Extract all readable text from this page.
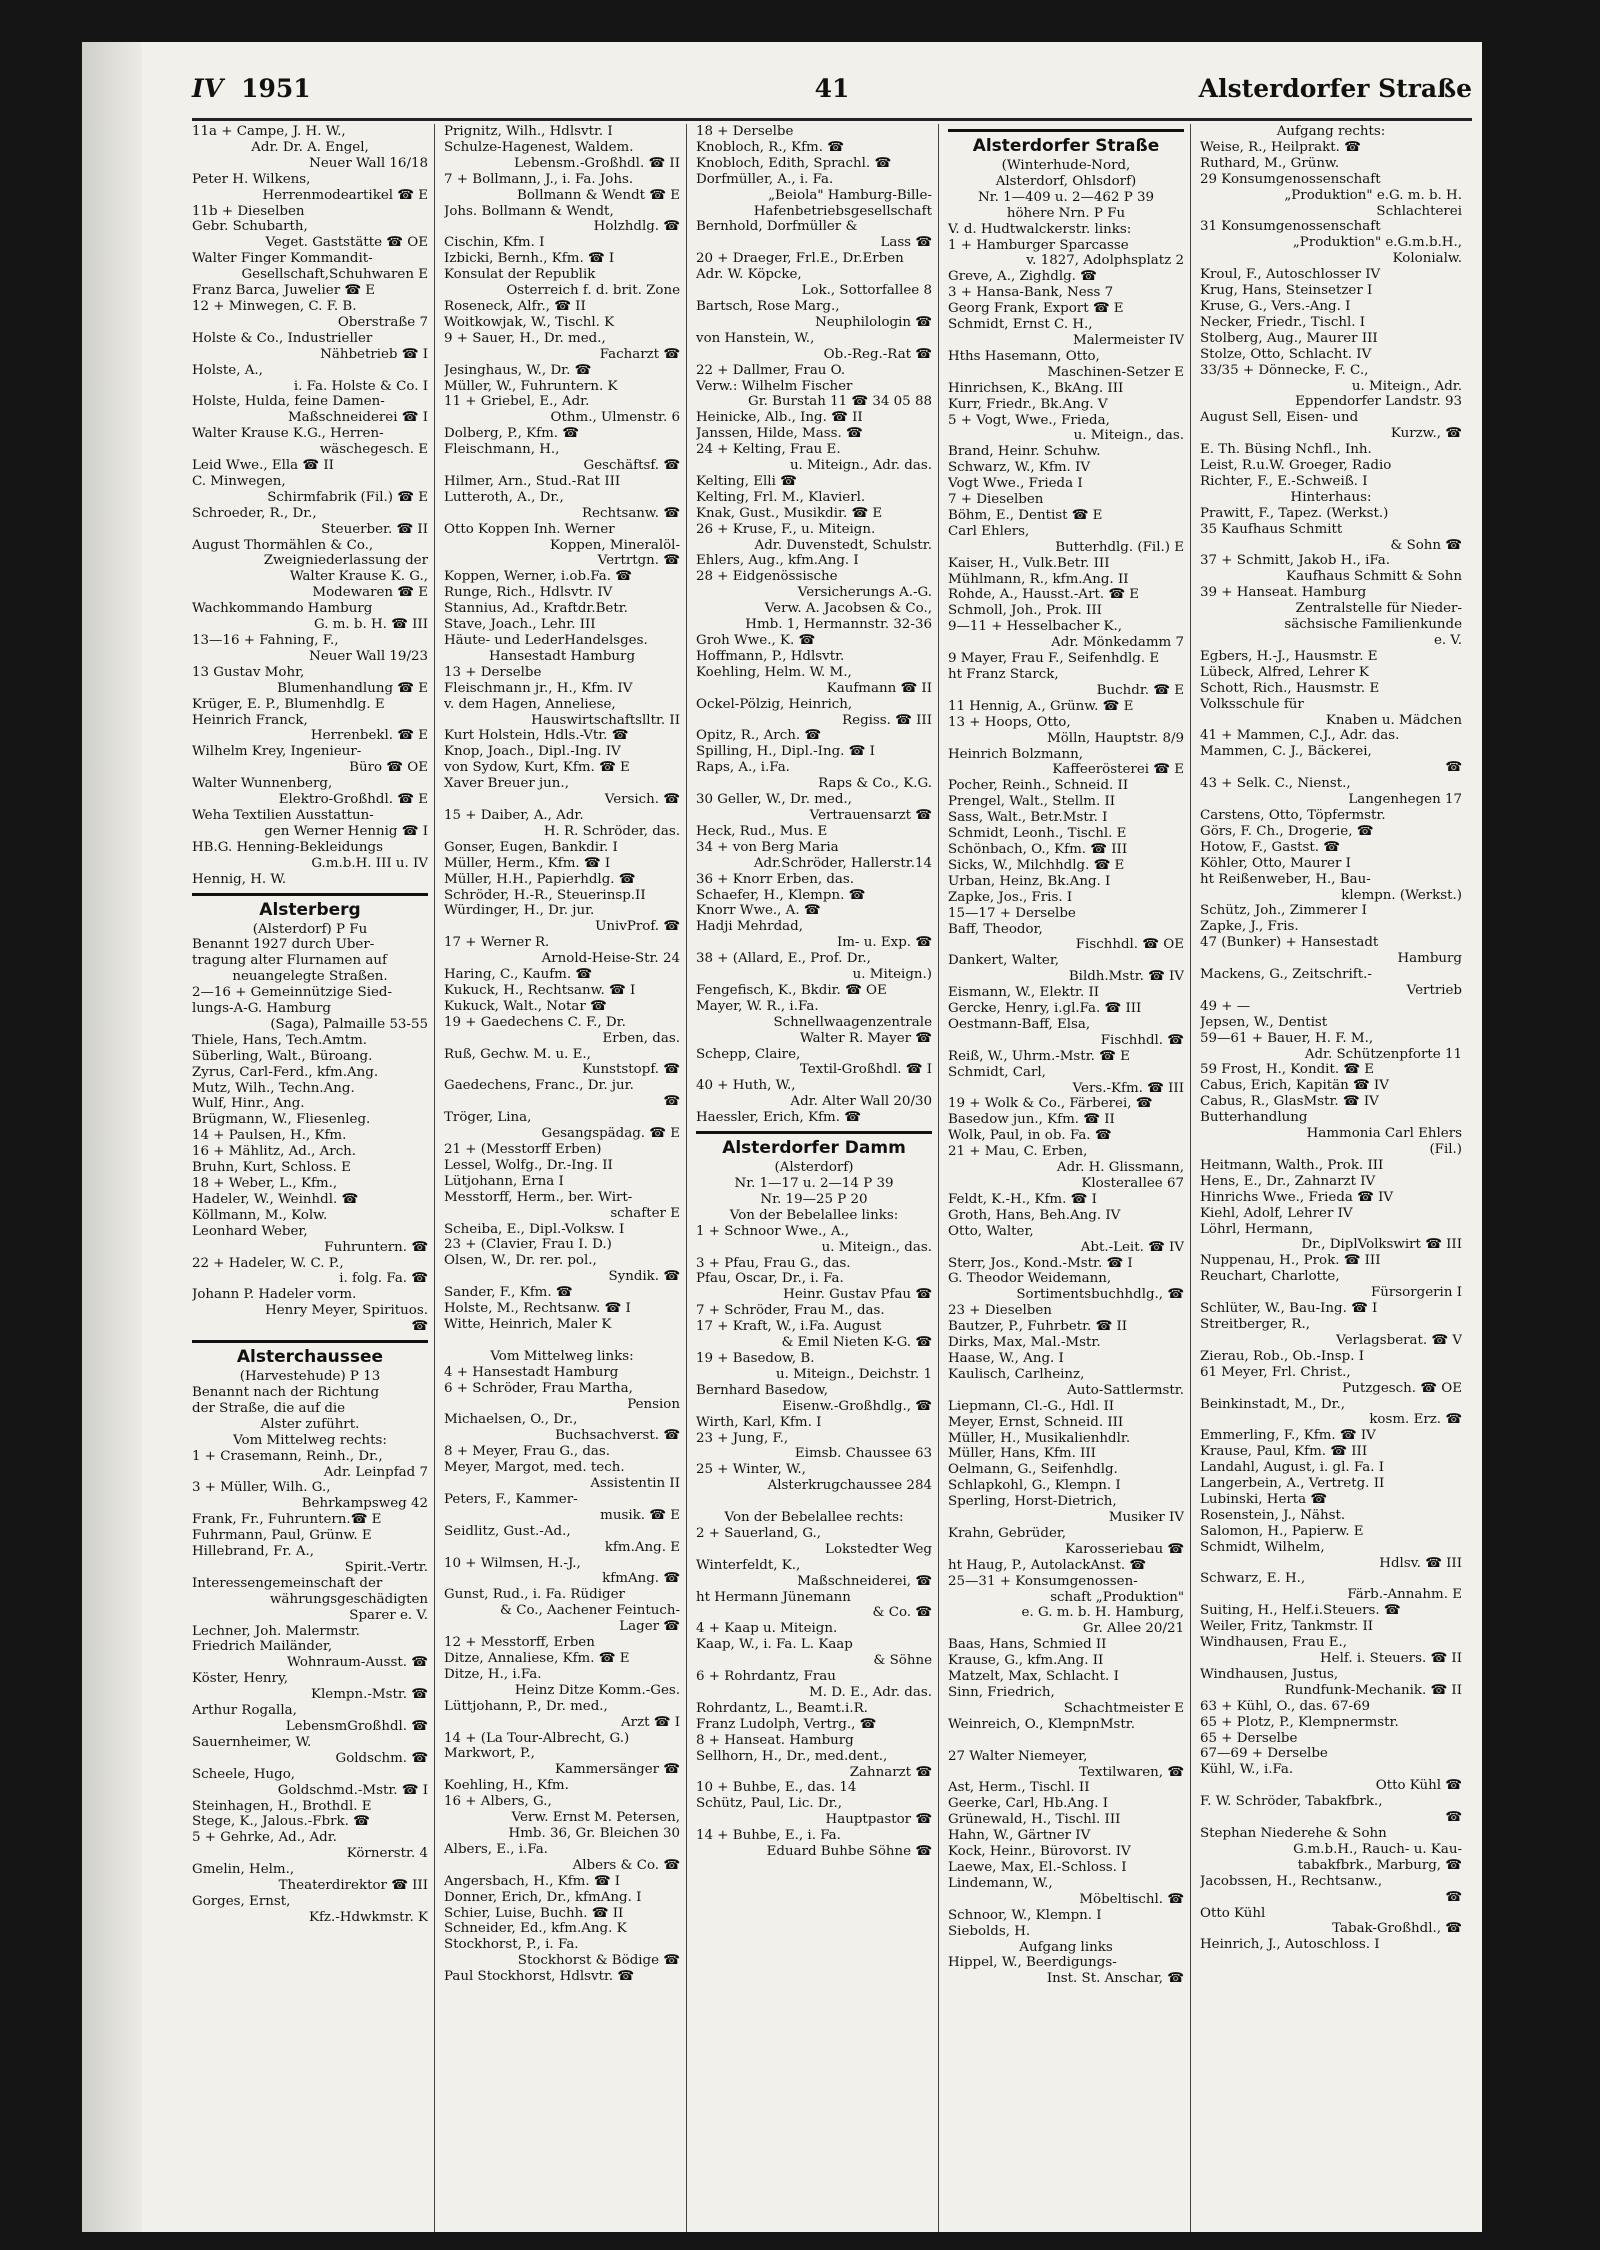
IV 1951	41	Alsterdorfer Straße
11a + Campe, J. H. W.,
Adr. Dr. A. Engel,
Neuer Wall 16/18
Peter H. Wilkens,
Herrenmodeartikel ☎ E
11b + Dieselben
Gebr. Schubarth,
Veget. Gaststätte ☎ OE
Walter Finger Kommandit-
Gesellschaft,Schuhwaren E
Franz Barca, Juwelier ☎ E
12 + Minwegen, C. F. B.
Oberstraße 7
Holste & Co., Industrieller
Nähbetrieb ☎ I
Holste, A.,
i. Fa. Holste & Co. I
Holste, Hulda, feine Damen-
Maßschneiderei ☎ I
Walter Krause K.G., Herren-
wäschegesch. E
Leid Wwe., Ella ☎ II
C. Minwegen,
Schirmfabrik (Fil.) ☎ E
Schroeder, R., Dr.,
Steuerber. ☎ II
August Thormählen & Co.,
Zweigniederlassung der
Walter Krause K. G.,
Modewaren ☎ E
Wachkommando Hamburg
G. m. b. H. ☎ III
13—16 + Fahning, F.,
Neuer Wall 19/23
13 Gustav Mohr,
Blumenhandlung ☎ E
Krüger, E. P., Blumenhdlg. E
Heinrich Franck,
Herrenbekl. ☎ E
Wilhelm Krey, Ingenieur-
Büro ☎ OE
Walter Wunnenberg,
Elektro-Großhdl. ☎ E
Weha Textilien Ausstattun-
gen Werner Hennig ☎ I
HB.G. Henning-Bekleidungs
G.m.b.H. III u. IV
Hennig, H. W.
Alsterberg
(Alsterdorf) P Fu
Benannt 1927 durch Über-
tragung alter Flurnamen auf
neuangelegte Straßen.
2—16 + Gemeinnützige Sied-
lungs-A-G. Hamburg
(Saga), Palmaille 53-55
Thiele, Hans, Tech.Amtm.
Süberling, Walt., Büroang.
Zyrus, Carl-Ferd., kfm.Ang.
Mutz, Wilh., Techn.Ang.
Wulf, Hinr., Ang.
Brügmann, W., Fliesenleg.
14 + Paulsen, H., Kfm.
16 + Mählitz, Ad., Arch.
Bruhn, Kurt, Schloss. E
18 + Weber, L., Kfm.,
Hadeler, W., Weinhdl. ☎
Köllmann, M., Kolw.
Leonhard Weber,
Fuhruntern. ☎
22 + Hadeler, W. C. P.,
i. folg. Fa. ☎
Johann P. Hadeler vorm.
Henry Meyer, Spirituos.
☎
Alsterchaussee
(Harvestehude) P 13
Benannt nach der Richtung
der Straße, die auf die
Alster zuführt.
Vom Mittelweg rechts:
1 + Crasemann, Reinh., Dr.,
Adr. Leinpfad 7
3 + Müller, Wilh. G.,
Behrkampsweg 42
Frank, Fr., Fuhruntern.☎ E
Fuhrmann, Paul, Grünw. E
Hillebrand, Fr. A.,
Spirit.-Vertr.
Interessengemeinschaft der
währungsgeschädigten
Sparer e. V.
Lechner, Joh. Malermstr.
Friedrich Mailänder,
Wohnraum-Ausst. ☎
Köster, Henry,
Klempn.-Mstr. ☎
Arthur Rogalla,
LebensmGroßhdl. ☎
Sauernheimer, W.
Goldschm. ☎
Scheele, Hugo,
Goldschmd.-Mstr. ☎ I
Steinhagen, H., Brothdl. E
Stege, K., Jalous.-Fbrk. ☎
5 + Gehrke, Ad., Adr.
Körnerstr. 4
Gmelin, Helm.,
Theaterdirektor ☎ III
Gorges, Ernst,
Kfz.-Hdwkmstr. K
Prignitz, Wilh., Hdlsvtr. I
Schulze-Hagenest, Waldem.
Lebensm.-Großhdl. ☎ II
7 + Bollmann, J., i. Fa. Johs.
Bollmann & Wendt ☎ E
Johs. Bollmann & Wendt,
Holzhdlg. ☎
Cischin, Kfm. I
Izbicki, Bernh., Kfm. ☎ I
Konsulat der Republik
Österreich f. d. brit. Zone
Roseneck, Alfr., ☎ II
Woitkowjak, W., Tischl. K
9 + Sauer, H., Dr. med.,
Facharzt ☎
Jesinghaus, W., Dr. ☎
Müller, W., Fuhruntern. K
11 + Griebel, E., Adr.
Othm., Ulmenstr. 6
Dolberg, P., Kfm. ☎
Fleischmann, H.,
Geschäftsf. ☎
Hilmer, Arn., Stud.-Rat III
Lutteroth, A., Dr.,
Rechtsanw. ☎
Otto Koppen Inh. Werner
Koppen, Mineralöl-
Vertrtgn. ☎
Koppen, Werner, i.ob.Fa. ☎
Runge, Rich., Hdlsvtr. IV
Stannius, Ad., Kraftdr.Betr.
Stave, Joach., Lehr. III
Häute- und LederHandelsges.
Hansestadt Hamburg
13 + Derselbe
Fleischmann jr., H., Kfm. IV
v. dem Hagen, Anneliese,
Hauswirtschaftslltr. II
Kurt Holstein, Hdls.-Vtr. ☎
Knop, Joach., Dipl.-Ing. IV
von Sydow, Kurt, Kfm. ☎ E
Xaver Breuer jun.,
Versich. ☎
15 + Daiber, A., Adr.
H. R. Schröder, das.
Gonser, Eugen, Bankdir. I
Müller, Herm., Kfm. ☎ I
Müller, H.H., Papierhdlg. ☎
Schröder, H.-R., Steuerinsp.II
Würdinger, H., Dr. jur.
UnivProf. ☎
17 + Werner R.
Arnold-Heise-Str. 24
Haring, C., Kaufm. ☎
Kukuck, H., Rechtsanw. ☎ I
Kukuck, Walt., Notar ☎
19 + Gaedechens C. F., Dr.
Erben, das.
Ruß, Gechw. M. u. E.,
Kunststopf. ☎
Gaedechens, Franc., Dr. jur.
☎
Tröger, Lina,
Gesangspädag. ☎ E
21 + (Messtorff Erben)
Lessel, Wolfg., Dr.-Ing. II
Lütjohann, Erna I
Messtorff, Herm., ber. Wirt-
schafter E
Scheiba, E., Dipl.-Volksw. I
23 + (Clavier, Frau I. D.)
Olsen, W., Dr. rer. pol.,
Syndik. ☎
Sander, F., Kfm. ☎
Holste, M., Rechtsanw. ☎ I
Witte, Heinrich, Maler K

Vom Mittelweg links:
4 + Hansestadt Hamburg
6 + Schröder, Frau Martha,
Pension
Michaelsen, O., Dr.,
Buchsachverst. ☎
8 + Meyer, Frau G., das.
Meyer, Margot, med. tech.
Assistentin II
Peters, F., Kammer-
musik. ☎ E
Seidlitz, Gust.-Ad.,
kfm.Ang. E
10 + Wilmsen, H.-J.,
kfmAng. ☎
Gunst, Rud., i. Fa. Rüdiger
& Co., Aachener Feintuch-
Lager ☎
12 + Messtorff, Erben
Ditze, Annaliese, Kfm. ☎ E
Ditze, H., i.Fa.
Heinz Ditze Komm.-Ges.
Lüttjohann, P., Dr. med.,
Arzt ☎ I
14 + (La Tour-Albrecht, G.)
Markwort, P.,
Kammersänger ☎
Koehling, H., Kfm.
16 + Albers, G.,
Verw. Ernst M. Petersen,
Hmb. 36, Gr. Bleichen 30
Albers, E., i.Fa.
Albers & Co. ☎
Angersbach, H., Kfm. ☎ I
Donner, Erich, Dr., kfmAng. I
Schier, Luise, Buchh. ☎ II
Schneider, Ed., kfm.Ang. K
Stockhorst, P., i. Fa.
Stockhorst & Bödige ☎
Paul Stockhorst, Hdlsvtr. ☎
18 + Derselbe
Knobloch, R., Kfm. ☎
Knobloch, Edith, Sprachl. ☎
Dorfmüller, A., i. Fa.
„Beiola" Hamburg-Bille-
Hafenbetriebsgesellschaft
Bernhold, Dorfmüller &
Lass ☎
20 + Draeger, Frl.E., Dr.Erben
Adr. W. Köpcke,
Lok., Sottorfallee 8
Bartsch, Rose Marg.,
Neuphilologin ☎
von Hanstein, W.,
Ob.-Reg.-Rat ☎
22 + Dallmer, Frau O.
Verw.: Wilhelm Fischer
Gr. Burstah 11 ☎ 34 05 88
Heinicke, Alb., Ing. ☎ II
Janssen, Hilde, Mass. ☎
24 + Kelting, Frau E.
u. Miteign., Adr. das.
Kelting, Elli ☎
Kelting, Frl. M., Klavierl.
Knak, Gust., Musikdir. ☎ E
26 + Kruse, F., u. Miteign.
Adr. Duvenstedt, Schulstr.
Ehlers, Aug., kfm.Ang. I
28 + Eidgenössische
Versicherungs A.-G.
Verw. A. Jacobsen & Co.,
Hmb. 1, Hermannstr. 32-36
Groh Wwe., K. ☎
Hoffmann, P., Hdlsvtr.
Koehling, Helm. W. M.,
Kaufmann ☎ II
Ockel-Pölzig, Heinrich,
Regiss. ☎ III
Opitz, R., Arch. ☎
Spilling, H., Dipl.-Ing. ☎ I
Raps, A., i.Fa.
Raps & Co., K.G.
30 Geller, W., Dr. med.,
Vertrauensarzt ☎
Heck, Rud., Mus. E
34 + von Berg Maria
Adr.Schröder, Hallerstr.14
36 + Knorr Erben, das.
Schaefer, H., Klempn. ☎
Knorr Wwe., A. ☎
Hadji Mehrdad,
Im- u. Exp. ☎
38 + (Allard, E., Prof. Dr.,
u. Miteign.)
Fengefisch, K., Bkdir. ☎ OE
Mayer, W. R., i.Fa.
Schnellwaagenzentrale
Walter R. Mayer ☎
Schepp, Claire,
Textil-Großhdl. ☎ I
40 + Huth, W.,
Adr. Alter Wall 20/30
Haessler, Erich, Kfm. ☎
Alsterdorfer Damm
(Alsterdorf)
Nr. 1—17 u. 2—14 P 39
Nr. 19—25 P 20
Von der Bebelallee links:
1 + Schnoor Wwe., A.,
u. Miteign., das.
3 + Pfau, Frau G., das.
Pfau, Oscar, Dr., i. Fa.
Heinr. Gustav Pfau ☎
7 + Schröder, Frau M., das.
17 + Kraft, W., i.Fa. August
& Emil Nieten K-G. ☎
19 + Basedow, B.
u. Miteign., Deichstr. 1
Bernhard Basedow,
Eisenw.-Großhdlg., ☎
Wirth, Karl, Kfm. I
23 + Jung, F.,
Eimsb. Chaussee 63
25 + Winter, W.,
Alsterkrugchaussee 284

Von der Bebelallee rechts:
2 + Sauerland, G.,
Lokstedter Weg
Winterfeldt, K.,
Maßschneiderei, ☎
ht Hermann Jünemann
& Co. ☎
4 + Kaap u. Miteign.
Kaap, W., i. Fa. L. Kaap
& Söhne
6 + Rohrdantz, Frau
M. D. E., Adr. das.
Rohrdantz, L., Beamt.i.R.
Franz Ludolph, Vertrg., ☎
8 + Hanseat. Hamburg
Sellhorn, H., Dr., med.dent.,
Zahnarzt ☎
10 + Buhbe, E., das. 14
Schütz, Paul, Lic. Dr.,
Hauptpastor ☎
14 + Buhbe, E., i. Fa.
Eduard Buhbe Söhne ☎
Alsterdorfer Straße
(Winterhude-Nord,
Alsterdorf, Ohlsdorf)
Nr. 1—409 u. 2—462 P 39
höhere Nrn. P Fu
V. d. Hudtwalckerstr. links:
1 + Hamburger Sparcasse
v. 1827, Adolphsplatz 2
Greve, A., Zighdlg. ☎
3 + Hansa-Bank, Ness 7
Georg Frank, Export ☎ E
Schmidt, Ernst C. H.,
Malermeister IV
Hths Hasemann, Otto,
Maschinen-Setzer E
Hinrichsen, K., BkAng. III
Kurr, Friedr., Bk.Ang. V
5 + Vogt, Wwe., Frieda,
u. Miteign., das.
Brand, Heinr. Schuhw.
Schwarz, W., Kfm. IV
Vogt Wwe., Frieda I
7 + Dieselben
Böhm, E., Dentist ☎ E
Carl Ehlers,
Butterhdlg. (Fil.) E
Kaiser, H., Vulk.Betr. III
Mühlmann, R., kfm.Ang. II
Rohde, A., Hausst.-Art. ☎ E
Schmoll, Joh., Prok. III
9—11 + Hesselbacher K.,
Adr. Mönkedamm 7
9 Mayer, Frau F., Seifenhdlg. E
ht Franz Starck,
Buchdr. ☎ E
11 Hennig, A., Grünw. ☎ E
13 + Hoops, Otto,
Mölln, Hauptstr. 8/9
Heinrich Bolzmann,
Kaffeerösterei ☎ E
Pocher, Reinh., Schneid. II
Prengel, Walt., Stellm. II
Sass, Walt., Betr.Mstr. I
Schmidt, Leonh., Tischl. E
Schönbach, O., Kfm. ☎ III
Sicks, W., Milchhdlg. ☎ E
Urban, Heinz, Bk.Ang. I
Zapke, Jos., Fris. I
15—17 + Derselbe
Baff, Theodor,
Fischhdl. ☎ OE
Dankert, Walter,
Bildh.Mstr. ☎ IV
Eismann, W., Elektr. II
Gercke, Henry, i.gl.Fa. ☎ III
Oestmann-Baff, Elsa,
Fischhdl. ☎
Reiß, W., Uhrm.-Mstr. ☎ E
Schmidt, Carl,
Vers.-Kfm. ☎ III
19 + Wolk & Co., Färberei, ☎
Basedow jun., Kfm. ☎ II
Wolk, Paul, in ob. Fa. ☎
21 + Mau, C. Erben,
Adr. H. Glissmann,
Klosterallee 67
Feldt, K.-H., Kfm. ☎ I
Groth, Hans, Beh.Ang. IV
Otto, Walter,
Abt.-Leit. ☎ IV
Sterr, Jos., Kond.-Mstr. ☎ I
G. Theodor Weidemann,
Sortimentsbuchhdlg., ☎
23 + Dieselben
Bautzer, P., Fuhrbetr. ☎ II
Dirks, Max, Mal.-Mstr.
Haase, W., Ang. I
Kaulisch, Carlheinz,
Auto-Sattlermstr.
Liepmann, Cl.-G., Hdl. II
Meyer, Ernst, Schneid. III
Müller, H., Musikalienhdlr.
Müller, Hans, Kfm. III
Oelmann, G., Seifenhdlg.
Schlapkohl, G., Klempn. I
Sperling, Horst-Dietrich,
Musiker IV
Krahn, Gebrüder,
Karosseriebau ☎
ht Haug, P., AutolackAnst. ☎
25—31 + Konsumgenossen-
schaft „Produktion"
e. G. m. b. H. Hamburg,
Gr. Allee 20/21
Baas, Hans, Schmied II
Krause, G., kfm.Ang. II
Matzelt, Max, Schlacht. I
Sinn, Friedrich,
Schachtmeister E
Weinreich, O., KlempnMstr.

27 Walter Niemeyer,
Textilwaren, ☎
Ast, Herm., Tischl. II
Geerke, Carl, Hb.Ang. I
Grünewald, H., Tischl. III
Hahn, W., Gärtner IV
Kock, Heinr., Bürovorst. IV
Laewe, Max, El.-Schloss. I
Lindemann, W.,
Möbeltischl. ☎
Schnoor, W., Klempn. I
Siebolds, H.
Aufgang links
Hippel, W., Beerdigungs-
Inst. St. Anschar, ☎
Aufgang rechts:
Weise, R., Heilprakt. ☎
Ruthard, M., Grünw.
29 Konsumgenossenschaft
„Produktion" e.G. m. b. H.
Schlachterei
31 Konsumgenossenschaft
„Produktion" e.G.m.b.H.,
Kolonialw.
Kroul, F., Autoschlosser IV
Krug, Hans, Steinsetzer I
Kruse, G., Vers.-Ang. I
Necker, Friedr., Tischl. I
Stolberg, Aug., Maurer III
Stolze, Otto, Schlacht. IV
33/35 + Dönnecke, F. C.,
u. Miteign., Adr.
Eppendorfer Landstr. 93
August Sell, Eisen- und
Kurzw., ☎
E. Th. Büsing Nchfl., Inh.
Leist, R.u.W. Groeger, Radio
Richter, F., E.-Schweiß. I
Hinterhaus:
Prawitt, F., Tapez. (Werkst.)
35 Kaufhaus Schmitt
& Sohn ☎
37 + Schmitt, Jakob H., iFa.
Kaufhaus Schmitt & Sohn
39 + Hanseat. Hamburg
Zentralstelle für Nieder-
sächsische Familienkunde
e. V.
Egbers, H.-J., Hausmstr. E
Lübeck, Alfred, Lehrer K
Schott, Rich., Hausmstr. E
Volksschule für
Knaben u. Mädchen
41 + Mammen, C.J., Adr. das.
Mammen, C. J., Bäckerei,
☎
43 + Selk. C., Nienst.,
Langenhegen 17
Carstens, Otto, Töpfermstr.
Görs, F. Ch., Drogerie, ☎
Hotow, F., Gastst. ☎
Köhler, Otto, Maurer I
ht Reißenweber, H., Bau-
klempn. (Werkst.)
Schütz, Joh., Zimmerer I
Zapke, J., Fris.
47 (Bunker) + Hansestadt
Hamburg
Mackens, G., Zeitschrift.-
Vertrieb
49 + —
Jepsen, W., Dentist
59—61 + Bauer, H. F. M.,
Adr. Schützenpforte 11
59 Frost, H., Kondit. ☎ E
Cabus, Erich, Kapitän ☎ IV
Cabus, R., GlasMstr. ☎ IV
Butterhandlung
Hammonia Carl Ehlers
(Fil.)
Heitmann, Walth., Prok. III
Hens, E., Dr., Zahnarzt IV
Hinrichs Wwe., Frieda ☎ IV
Kiehl, Adolf, Lehrer IV
Löhrl, Hermann,
Dr., DiplVolkswirt ☎ III
Nuppenau, H., Prok. ☎ III
Reuchart, Charlotte,
Fürsorgerin I
Schlüter, W., Bau-Ing. ☎ I
Streitberger, R.,
Verlagsberat. ☎ V
Zierau, Rob., Ob.-Insp. I
61 Meyer, Frl. Christ.,
Putzgesch. ☎ OE
Beinkinstadt, M., Dr.,
kosm. Erz. ☎
Emmerling, F., Kfm. ☎ IV
Krause, Paul, Kfm. ☎ III
Landahl, August, i. gl. Fa. I
Langerbein, A., Vertretg. II
Lubinski, Herta ☎
Rosenstein, J., Nähst.
Salomon, H., Papierw. E
Schmidt, Wilhelm,
Hdlsv. ☎ III
Schwarz, E. H.,
Färb.-Annahm. E
Suiting, H., Helf.i.Steuers. ☎
Weiler, Fritz, Tankmstr. II
Windhausen, Frau E.,
Helf. i. Steuers. ☎ II
Windhausen, Justus,
Rundfunk-Mechanik. ☎ II
63 + Kühl, O., das. 67-69
65 + Plotz, P., Klempnermstr.
65 + Derselbe
67—69 + Derselbe
Kühl, W., i.Fa.
Otto Kühl ☎
F. W. Schröder, Tabakfbrk.,
☎
Stephan Niederehe & Sohn
G.m.b.H., Rauch- u. Kau-
tabakfbrk., Marburg, ☎
Jacobssen, H., Rechtsanw.,
☎
Otto Kühl
Tabak-Großhdl., ☎
Heinrich, J., Autoschloss. I
